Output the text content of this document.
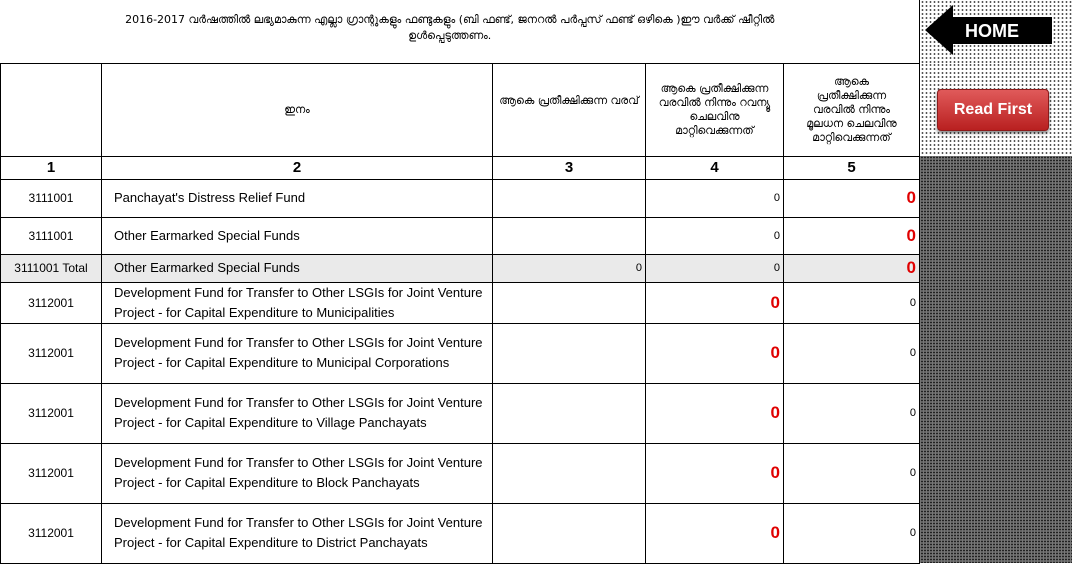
2016-2017 വർഷത്തിൽ ലഭ്യമാകുന്ന എല്ലാ ഗ്രാന്റുകളും ഫണ്ടുകളും (ബി ഫണ്ട്, ജനറൽ പർപ്പസ് ഫണ്ട് ഒഴികെ )ഈ വർക്ക് ഷീറ്റിൽ
ഉൾപ്പെടുത്തണം.					
	ഇനം	ആകെ പ്രതീക്ഷിക്കുന്ന വരവ്	ആകെ പ്രതീക്ഷിക്കുന്ന വരവിൽ നിന്നും റവന്യൂ ചെലവിനു മാറ്റിവെക്കുന്നത്	ആകെ പ്രതീക്ഷിക്കുന്ന വരവിൽ നിന്നും മൂലധന ചെലവിനു മാറ്റിവെക്കുന്നത്	
1	2	3	4	5	
3111001	Panchayat's Distress Relief Fund		0	0	
3111001	Other Earmarked Special Funds		0	0	
3111001 Total	Other Earmarked Special Funds	0	0	0	
3112001	Development Fund for Transfer to Other LSGIs for Joint Venture Project - for Capital Expenditure to Municipalities		0	0	
3112001	Development Fund for Transfer to Other LSGIs for Joint Venture Project - for Capital Expenditure to Municipal Corporations		0	0	
3112001	Development Fund for Transfer to Other LSGIs for Joint Venture Project - for Capital Expenditure to Village Panchayats		0	0	
3112001	Development Fund for Transfer to Other LSGIs for Joint Venture Project - for Capital Expenditure to Block Panchayats		0	0	
3112001	Development Fund for Transfer to Other LSGIs for Joint Venture Project - for Capital Expenditure to District Panchayats		0	0	
HOME
Read First
